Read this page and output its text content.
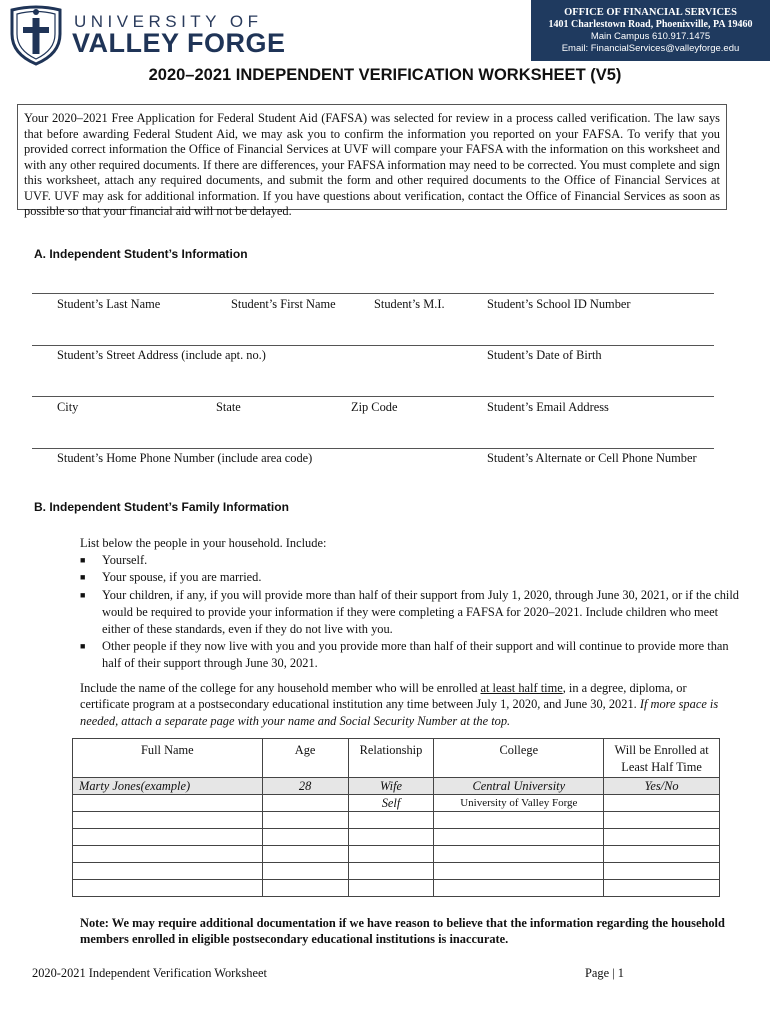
UNIVERSITY OF
VALLEY FORGE
OFFICE OF FINANCIAL SERVICES
1401 Charlestown Road, Phoenixville, PA 19460
Main Campus 610.917.1475
Email: FinancialServices@valleyforge.edu
2020–2021 INDEPENDENT VERIFICATION WORKSHEET (V5)
Your 2020–2021 Free Application for Federal Student Aid (FAFSA) was selected for review in a process called verification. The law says that before awarding Federal Student Aid, we may ask you to confirm the information you reported on your FAFSA. To verify that you provided correct information the Office of Financial Services at UVF will compare your FAFSA with the information on this worksheet and with any other required documents. If there are differences, your FAFSA information may need to be corrected. You must complete and sign this worksheet, attach any required documents, and submit the form and other required documents to the Office of Financial Services at UVF. UVF may ask for additional information. If you have questions about verification, contact the Office of Financial Services as soon as possible so that your financial aid will not be delayed.
A. Independent Student’s Information
Student’s Last Name	Student’s First Name	Student’s M.I.	Student’s School ID Number
Student’s Street Address (include apt. no.)	Student’s Date of Birth
City	State	Zip Code	Student’s Email Address
Student’s Home Phone Number (include area code)	Student’s Alternate or Cell Phone Number
B. Independent Student’s Family Information
List below the people in your household. Include:
■	Yourself.
■	Your spouse, if you are married.
■	Your children, if any, if you will provide more than half of their support from July 1, 2020, through June 30, 2021, or if the child would be required to provide your information if they were completing a FAFSA for 2020–2021. Include children who meet either of these standards, even if they do not live with you.
■	Other people if they now live with you and you provide more than half of their support and will continue to provide more than half of their support through June 30, 2021.
Include the name of the college for any household member who will be enrolled at least half time, in a degree, diploma, or certificate program at a postsecondary educational institution any time between July 1, 2020, and June 30, 2021. If more space is needed, attach a separate page with your name and Social Security Number at the top.
Full Name	Age	Relationship	College	Will be Enrolled at Least Half Time
Marty Jones(example)	28	Wife	Central University	Yes/No
		Self	University of Valley Forge	

Note: We may require additional documentation if we have reason to believe that the information regarding the household members enrolled in eligible postsecondary educational institutions is inaccurate.
2020-2021 Independent Verification Worksheet	Page | 1
